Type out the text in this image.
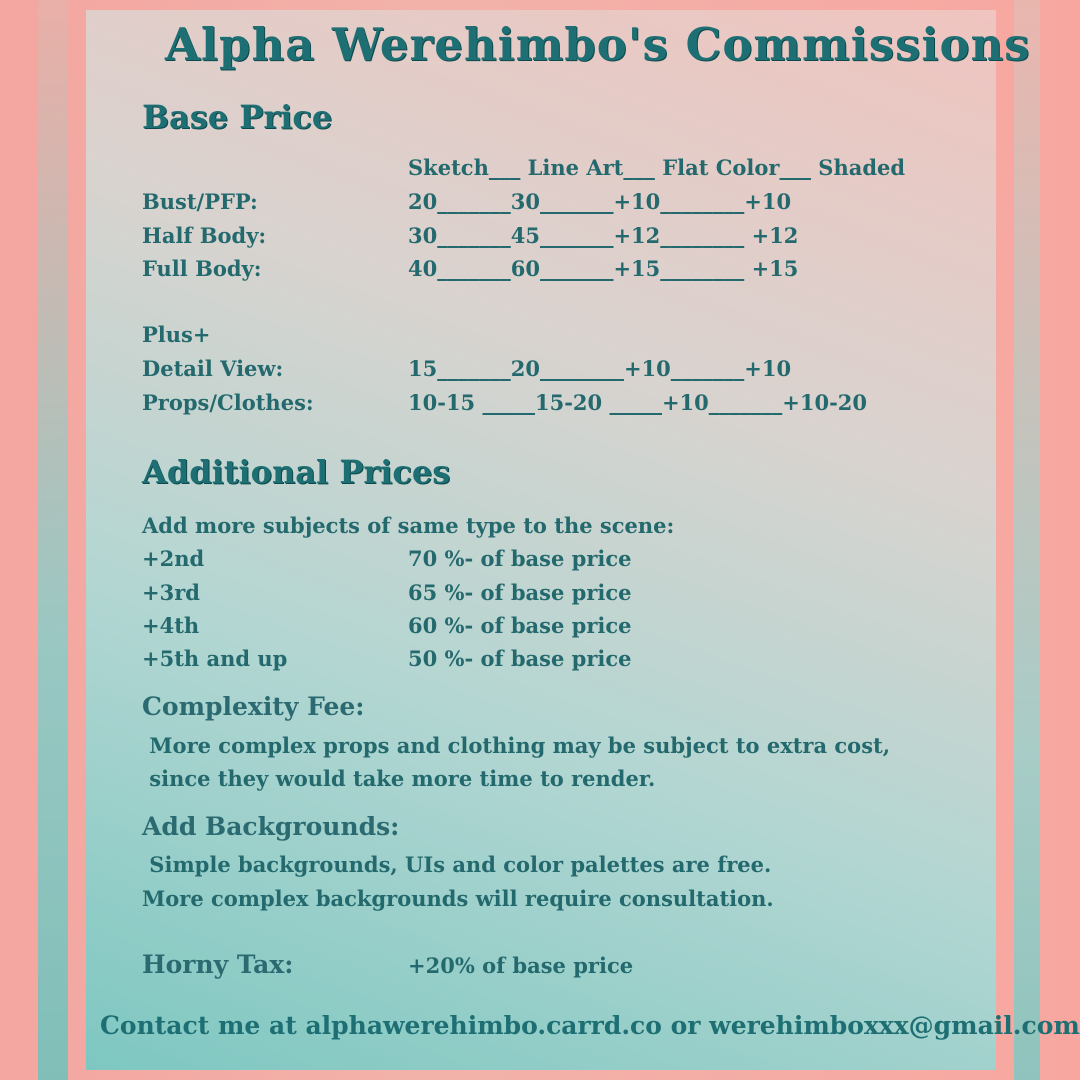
Alpha Werehimbo's Commissions
Base Price
Sketch___ Line Art___ Flat Color___ Shaded
Bust/PFP:	20_______30_______+10________+10
Half Body:	30_______45_______+12________ +12
Full Body:	40_______60_______+15________ +15
Plus+
Detail View:	15_______20________+10_______+10
Props/Clothes:	10-15 _____15-20 _____+10_______+10-20
Additional Prices
Add more subjects of same type to the scene:
+2nd	70 %- of base price
+3rd	65 %- of base price
+4th	60 %- of base price
+5th and up	50 %- of base price
Complexity Fee:
More complex props and clothing may be subject to extra cost,
since they would take more time to render.
Add Backgrounds:
Simple backgrounds, UIs and color palettes are free.
More complex backgrounds will require consultation.
Horny Tax:	+20% of base price
Contact me at alphawerehimbo.carrd.co or werehimboxxx@gmail.com
